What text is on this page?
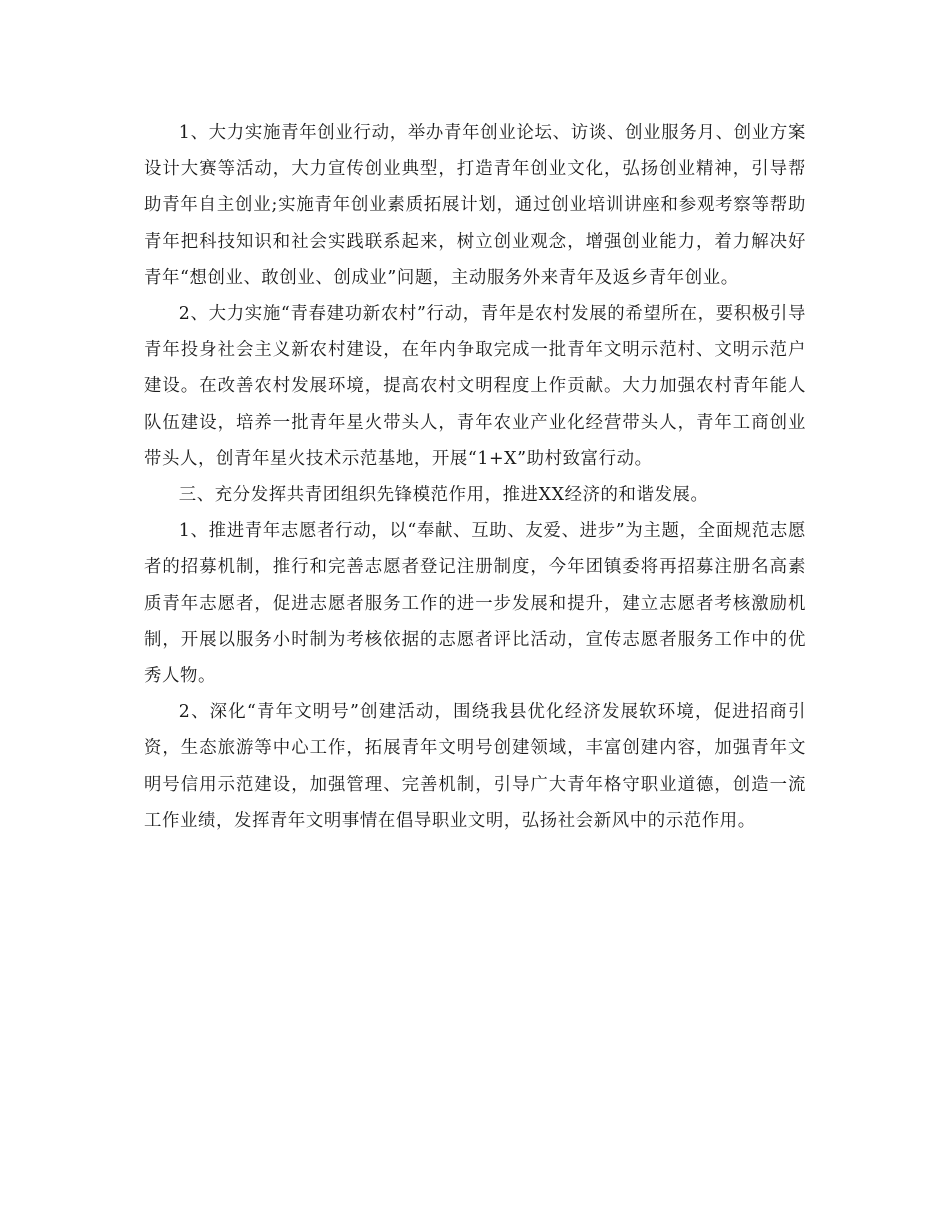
1、大力实施青年创业行动，举办青年创业论坛、访谈、创业服务月、创业方案设计大赛等活动，大力宣传创业典型，打造青年创业文化，弘扬创业精神，引导帮助青年自主创业;实施青年创业素质拓展计划，通过创业培训讲座和参观考察等帮助青年把科技知识和社会实践联系起来，树立创业观念，增强创业能力，着力解决好青年“想创业、敢创业、创成业”问题，主动服务外来青年及返乡青年创业。

2、大力实施“青春建功新农村”行动，青年是农村发展的希望所在，要积极引导青年投身社会主义新农村建设，在年内争取完成一批青年文明示范村、文明示范户建设。在改善农村发展环境，提高农村文明程度上作贡献。大力加强农村青年能人队伍建设，培养一批青年星火带头人，青年农业产业化经营带头人，青年工商创业带头人，创青年星火技术示范基地，开展“1+X”助村致富行动。

三、充分发挥共青团组织先锋模范作用，推进XX经济的和谐发展。

1、推进青年志愿者行动，以“奉献、互助、友爱、进步”为主题，全面规范志愿者的招募机制，推行和完善志愿者登记注册制度，今年团镇委将再招募注册名高素质青年志愿者，促进志愿者服务工作的进一步发展和提升，建立志愿者考核激励机制，开展以服务小时制为考核依据的志愿者评比活动，宣传志愿者服务工作中的优秀人物。

2、深化“青年文明号”创建活动，围绕我县优化经济发展软环境，促进招商引资，生态旅游等中心工作，拓展青年文明号创建领域，丰富创建内容，加强青年文明号信用示范建设，加强管理、完善机制，引导广大青年格守职业道德，创造一流工作业绩，发挥青年文明事情在倡导职业文明，弘扬社会新风中的示范作用。
